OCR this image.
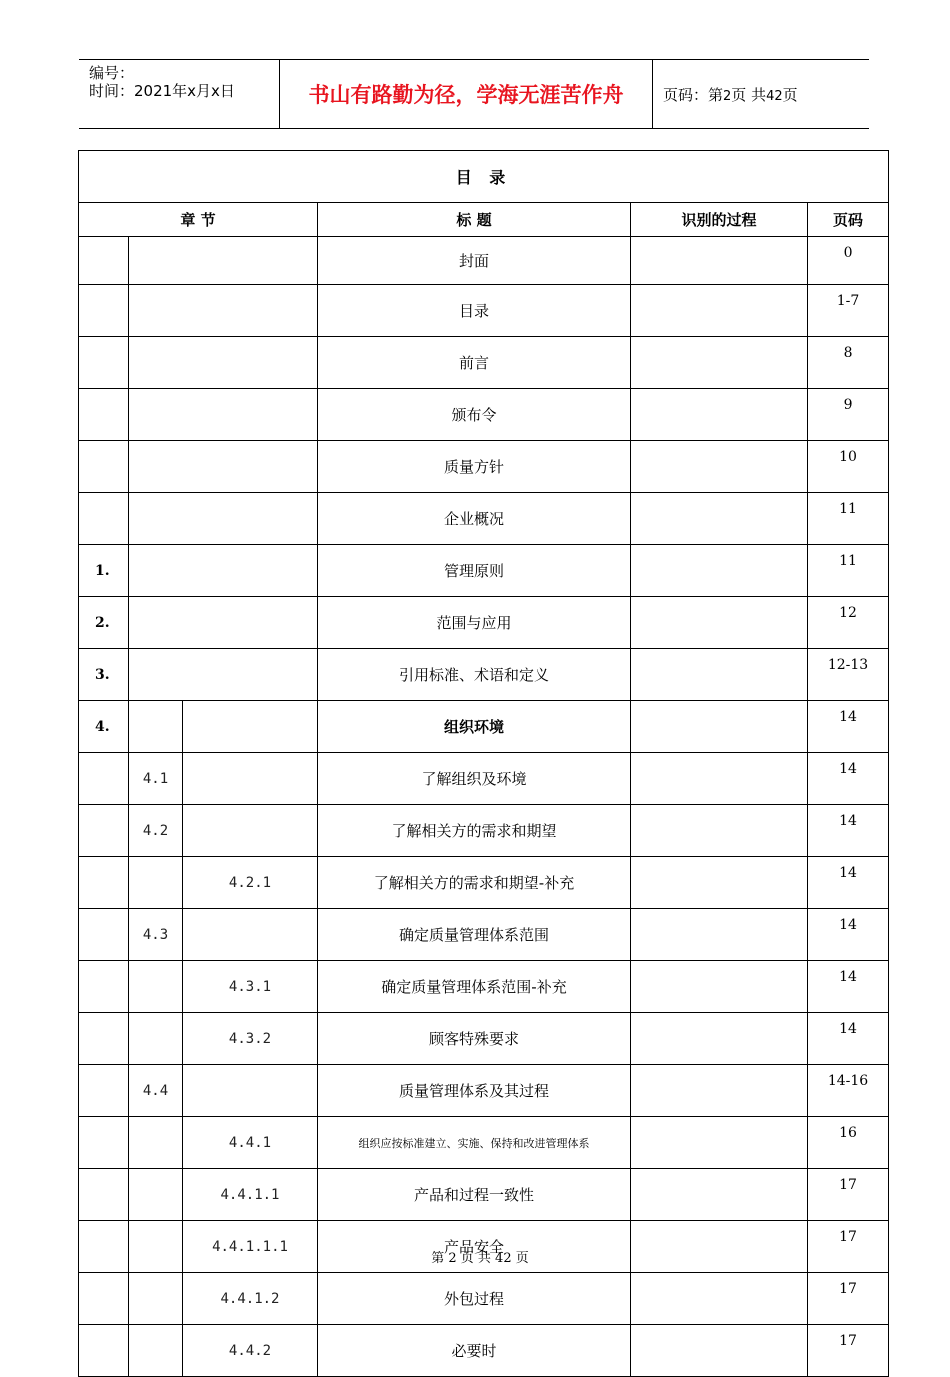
编号：
时间：2021年x月x日	书山有路勤为径，学海无涯苦作舟	页码：第2页 共42页
目 录					
章 节			标 题	识别的过程	页码
			封面		0
			目录		1-7
			前言		8
			颁布令		9
			质量方针		10
			企业概况		11
1.			管理原则		11
2.			范围与应用		12
3.			引用标准、术语和定义		12-13
4.			组织环境		14
	4.1		了解组织及环境		14
	4.2		了解相关方的需求和期望		14
		4.2.1	了解相关方的需求和期望-补充		14
	4.3		确定质量管理体系范围		14
		4.3.1	确定质量管理体系范围-补充		14
		4.3.2	顾客特殊要求		14
	4.4		质量管理体系及其过程		14-16
		4.4.1	组织应按标准建立、实施、保持和改进管理体系		16
		4.4.1.1	产品和过程一致性		17
		4.4.1.1.1	产品安全		17
		4.4.1.2	外包过程		17
		4.4.2	必要时		17
第 2 页 共 42 页
